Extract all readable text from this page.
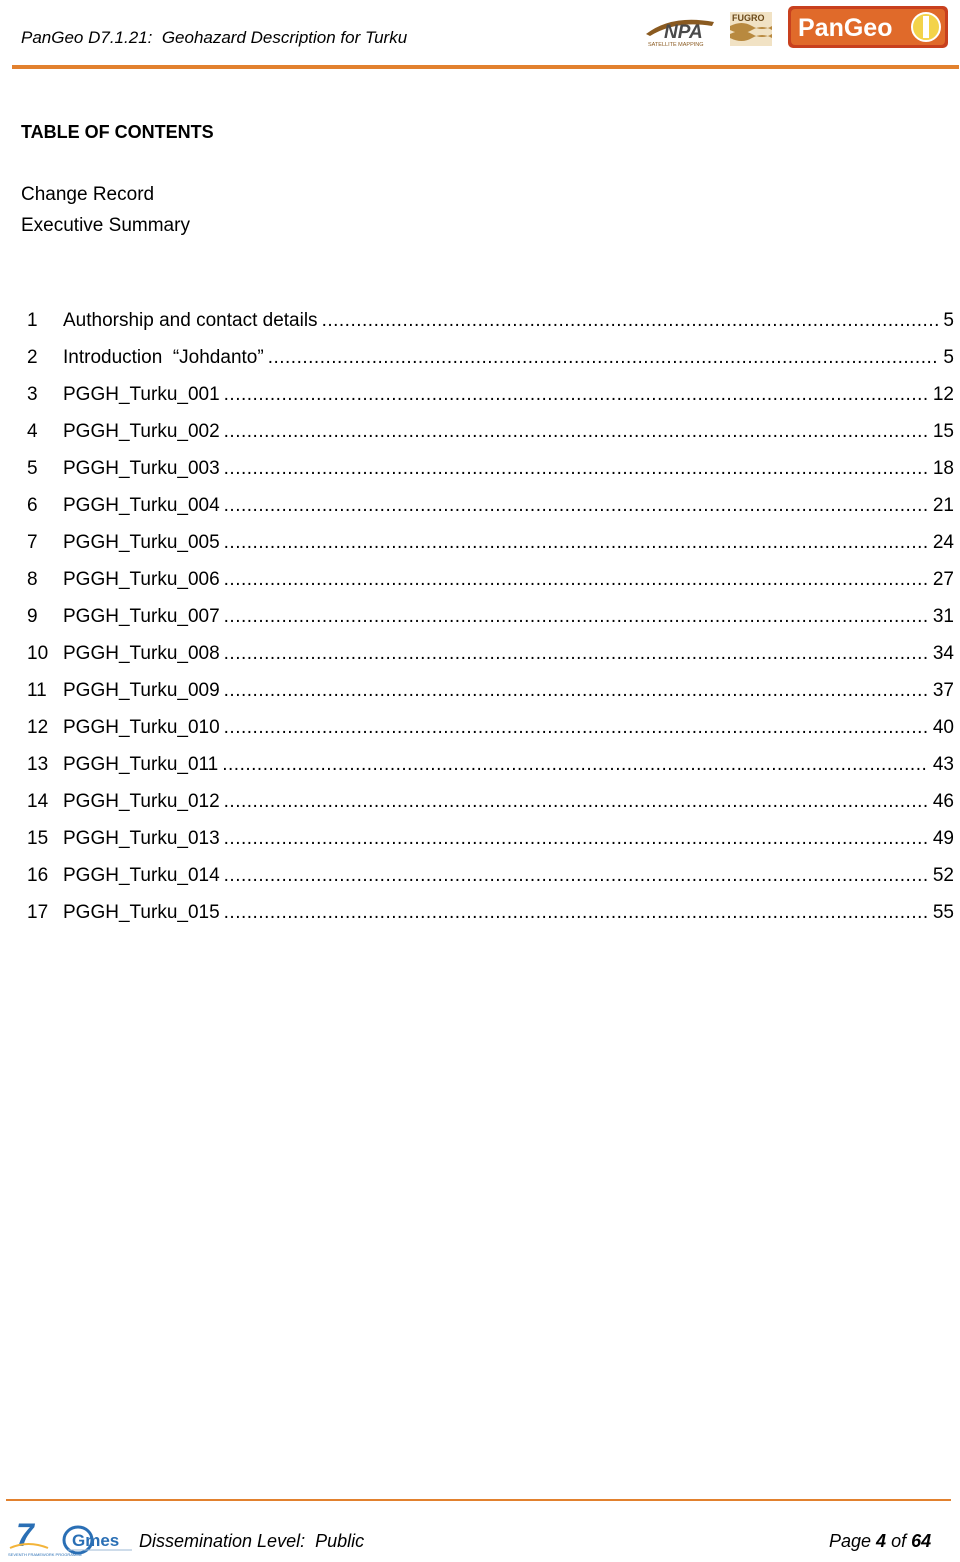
PanGeo D7.1.21:  Geohazard Description for Turku	NPA
SATELLITE MAPPING
FUGRO PanGeo
TABLE OF CONTENTS
Change Record
Executive Summary
1	Authorship and contact details .....	5
2	Introduction  “Johdanto” .....	5
3	PGGH_Turku_001 .....	12
4	PGGH_Turku_002 .....	15
5	PGGH_Turku_003 .....	18
6	PGGH_Turku_004 .....	21
7	PGGH_Turku_005 .....	24
8	PGGH_Turku_006 .....	27
9	PGGH_Turku_007 .....	31
10 PGGH_Turku_008 .....	34
11 PGGH_Turku_009 .....	37
12 PGGH_Turku_010 .....	40
13 PGGH_Turku_011 .....	43
14 PGGH_Turku_012 .....	46
15 PGGH_Turku_013 .....	49
16 PGGH_Turku_014 .....	52
17 PGGH_Turku_015 .....	55
7
SEVENTH FRAMEWORK PROGRAMME
Gmes Dissemination Level:  Public	Page 4 of 64
